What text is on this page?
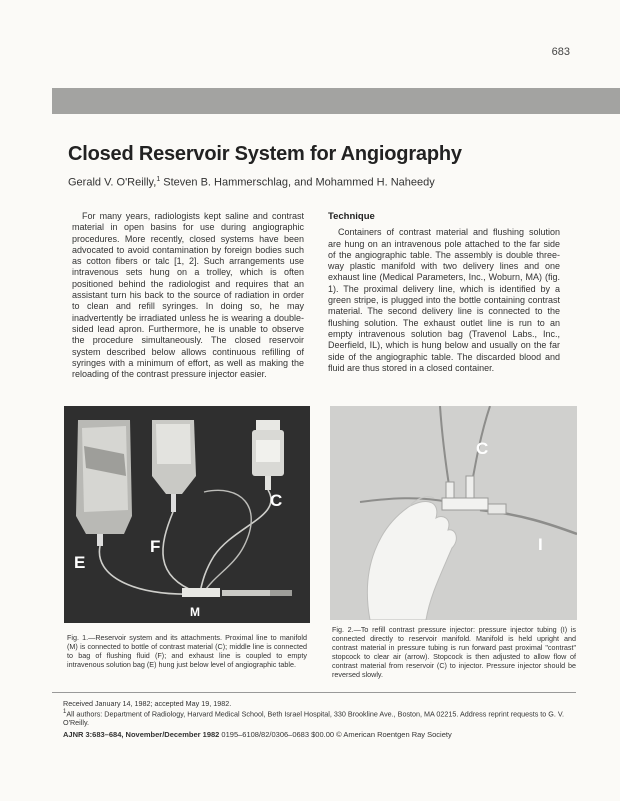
683
Closed Reservoir System for Angiography
Gerald V. O'Reilly,$^1$ Steven B. Hammerschlag, and Mohammed H. Naheedy

For many years, radiologists kept saline and contrast material in open basins for use during angiographic procedures. More recently, closed systems have been advocated to avoid contamination by foreign bodies such as cotton fibers or talc [1, 2]. Such arrangements use intravenous sets hung on a trolley, which is often positioned behind the radiologist and requires that an assistant turn his back to the source of radiation in order to clean and refill syringes. In doing so, he may inadvertently be irradiated unless he is wearing a double-sided lead apron. Furthermore, he is unable to observe the procedure simultaneously. The closed reservoir system described below allows continuous refilling of syringes with a minimum of effort, as well as making the reloading of the contrast pressure injector easier.

Technique

Containers of contrast material and flushing solution are hung on an intravenous pole attached to the far side of the angiographic table. The assembly is double three-way plastic manifold with two delivery lines and one exhaust line (Medical Parameters, Inc., Woburn, MA) (fig. 1). The proximal delivery line, which is identified by a green stripe, is plugged into the bottle containing contrast material. The second delivery line is connected to the flushing solution. The exhaust outlet line is run to an empty intravenous solution bag (Travenol Labs., Inc., Deerfield, IL), which is hung below and usually on the far side of the angiographic table. The discarded blood and fluid are thus stored in a closed container.

E
F
C
M
Fig. 1.—Reservoir system and its attachments. Proximal line to manifold (M) is connected to bottle of contrast material (C); middle line is connected to bag of flushing fluid (F); and exhaust line is coupled to empty intravenous solution bag (E) hung just below level of angiographic table.
C
I
Fig. 2.—To refill contrast pressure injector: pressure injector tubing (I) is connected directly to reservoir manifold. Manifold is held upright and contrast material in pressure tubing is run forward past proximal "contrast" stopcock to clear air (arrow). Stopcock is then adjusted to allow flow of contrast material from reservoir (C) to injector. Pressure injector should be reversed slowly.

Received January 14, 1982; accepted May 19, 1982.

$^1$All authors: Department of Radiology, Harvard Medical School, Beth Israel Hospital, 330 Brookline Ave., Boston, MA 02215. Address reprint requests to G. V. O'Reilly.

AJNR 3:683–684, November/December 1982 0195–6108/82/0306–0683 $00.00 © American Roentgen Ray Society
